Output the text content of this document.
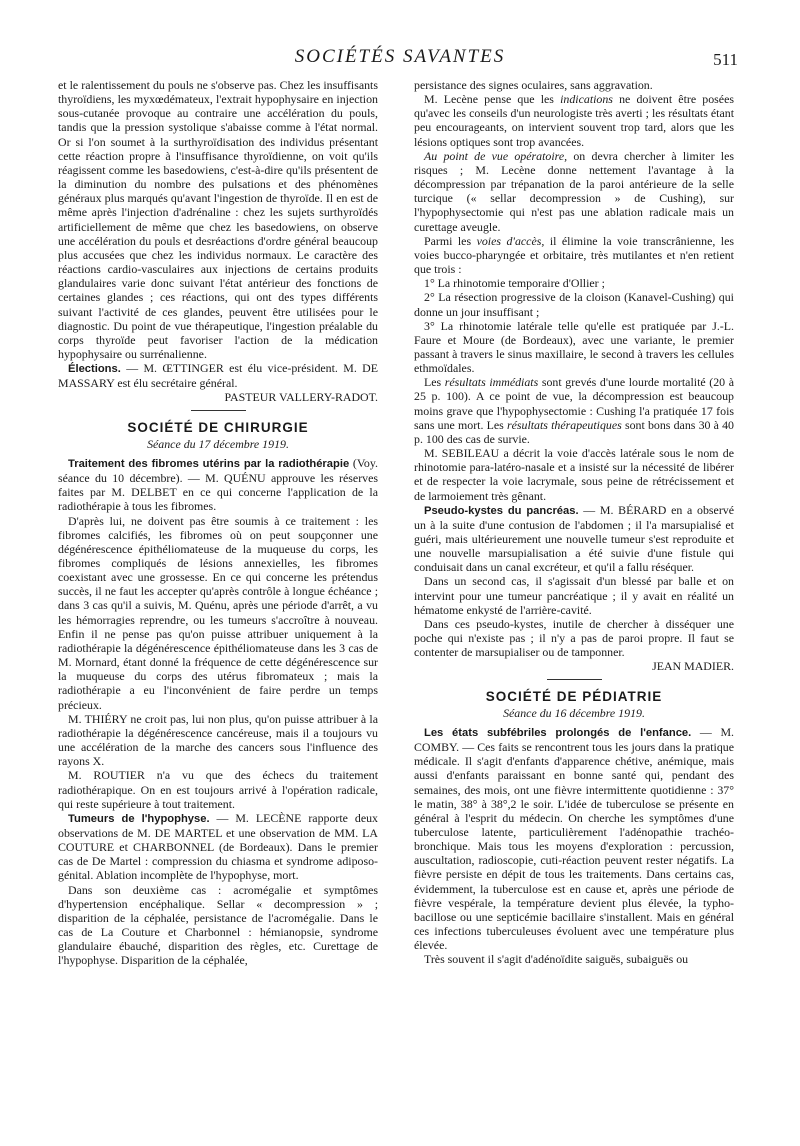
SOCIÉTÉS SAVANTES	511

et le ralentissement du pouls ne s'observe pas. Chez les insuffisants thyroïdiens, les myxœdémateux, l'extrait hypophysaire en injection sous-cutanée provoque au contraire une accélération du pouls, tandis que la pression systolique s'abaisse comme à l'état normal. Or si l'on soumet à la surthyroïdisation des individus présentant cette réaction propre à l'insuffisance thyroïdienne, on voit qu'ils réagissent comme les basedowiens, c'est-à-dire qu'ils présentent de la diminution du nombre des pulsations et des phénomènes généraux plus marqués qu'avant l'ingestion de thyroïde. Il en est de même après l'injection d'adrénaline : chez les sujets surthyroïdés artificiellement de même que chez les basedowiens, on observe une accélération du pouls et desréactions d'ordre général beaucoup plus accusées que chez les individus normaux. Le caractère des réactions cardio-vasculaires aux injections de certains produits glandulaires varie donc suivant l'état antérieur des fonctions de certaines glandes ; ces réactions, qui ont des types différents suivant l'activité de ces glandes, peuvent être utilisées pour le diagnostic. Du point de vue thérapeutique, l'ingestion préalable du corps thyroïde peut favoriser l'action de la médication hypophysaire ou surrénalienne.

Élections. — M. ŒTTINGER est élu vice-président. M. DE MASSARY est élu secrétaire général.

PASTEUR VALLERY-RADOT.

SOCIÉTÉ DE CHIRURGIE
Séance du 17 décembre 1919.

Traitement des fibromes utérins par la radiothérapie (Voy. séance du 10 décembre). — M. QUÉNU approuve les réserves faites par M. DELBET en ce qui concerne l'application de la radiothérapie à tous les fibromes.

D'après lui, ne doivent pas être soumis à ce traitement : les fibromes calcifiés, les fibromes où on peut soupçonner une dégénérescence épithéliomateuse de la muqueuse du corps, les fibromes compliqués de lésions annexielles, les fibromes coexistant avec une grossesse. En ce qui concerne les prétendus succès, il ne faut les accepter qu'après contrôle à longue échéance ; dans 3 cas qu'il a suivis, M. Quénu, après une période d'arrêt, a vu les hémorragies reprendre, ou les tumeurs s'accroître à nouveau. Enfin il ne pense pas qu'on puisse attribuer uniquement à la radiothérapie la dégénérescence épithéliomateuse dans les 3 cas de M. Mornard, étant donné la fréquence de cette dégénérescence sur la muqueuse du corps des utérus fibromateux ; mais la radiothérapie a eu l'inconvénient de faire perdre un temps précieux.

M. THIÉRY ne croit pas, lui non plus, qu'on puisse attribuer à la radiothérapie la dégénérescence cancéreuse, mais il a toujours vu une accélération de la marche des cancers sous l'influence des rayons X.

M. ROUTIER n'a vu que des échecs du traitement radiothérapique. On en est toujours arrivé à l'opération radicale, qui reste supérieure à tout traitement.

Tumeurs de l'hypophyse. — M. LECÈNE rapporte deux observations de M. DE MARTEL et une observation de MM. LA COUTURE et CHARBONNEL (de Bordeaux). Dans le premier cas de De Martel : compression du chiasma et syndrome adiposo-génital. Ablation incomplète de l'hypophyse, mort.

Dans son deuxième cas : acromégalie et symptômes d'hypertension encéphalique. Sellar « decompression » ; disparition de la céphalée, persistance de l'acromégalie. Dans le cas de La Couture et Charbonnel : hémianopsie, syndrome glandulaire ébauché, disparition des règles, etc. Curettage de l'hypophyse. Disparition de la céphalée,

persistance des signes oculaires, sans aggravation.

M. Lecène pense que les indications ne doivent être posées qu'avec les conseils d'un neurologiste très averti ; les résultats étant peu encourageants, on intervient souvent trop tard, alors que les lésions optiques sont trop avancées.

Au point de vue opératoire, on devra chercher à limiter les risques ; M. Lecène donne nettement l'avantage à la décompression par trépanation de la paroi antérieure de la selle turcique (« sellar decompression » de Cushing), sur l'hypophysectomie qui n'est pas une ablation radicale mais un curettage aveugle.

Parmi les voies d'accès, il élimine la voie transcrânienne, les voies bucco-pharyngée et orbitaire, très mutilantes et n'en retient que trois :

1° La rhinotomie temporaire d'Ollier ;

2° La résection progressive de la cloison (Kanavel-Cushing) qui donne un jour insuffisant ;

3° La rhinotomie latérale telle qu'elle est pratiquée par J.-L. Faure et Moure (de Bordeaux), avec une variante, le premier passant à travers le sinus maxillaire, le second à travers les cellules ethmoïdales.

Les résultats immédiats sont grevés d'une lourde mortalité (20 à 25 p. 100). A ce point de vue, la décompression est beaucoup moins grave que l'hypophysectomie : Cushing l'a pratiquée 17 fois sans une mort. Les résultats thérapeutiques sont bons dans 30 à 40 p. 100 des cas de survie.

M. SEBILEAU a décrit la voie d'accès latérale sous le nom de rhinotomie para-latéro-nasale et a insisté sur la nécessité de libérer et de respecter la voie lacrymale, sous peine de rétrécissement et de larmoiement très gênant.

Pseudo-kystes du pancréas. — M. BÉRARD en a observé un à la suite d'une contusion de l'abdomen ; il l'a marsupialisé et guéri, mais ultérieurement une nouvelle tumeur s'est reproduite et une nouvelle marsupialisation a été suivie d'une fistule qui conduisait dans un canal excréteur, et qu'il a fallu réséquer.

Dans un second cas, il s'agissait d'un blessé par balle et on intervint pour une tumeur pancréatique ; il y avait en réalité un hématome enkysté de l'arrière-cavité.

Dans ces pseudo-kystes, inutile de chercher à disséquer une poche qui n'existe pas ; il n'y a pas de paroi propre. Il faut se contenter de marsupialiser ou de tamponner.

JEAN MADIER.

SOCIÉTÉ DE PÉDIATRIE
Séance du 16 décembre 1919.

Les états subfébriles prolongés de l'enfance. — M. COMBY. — Ces faits se rencontrent tous les jours dans la pratique médicale. Il s'agit d'enfants d'apparence chétive, anémique, mais aussi d'enfants paraissant en bonne santé qui, pendant des semaines, des mois, ont une fièvre intermittente quotidienne : 37° le matin, 38° à 38°,2 le soir. L'idée de tuberculose se présente en général à l'esprit du médecin. On cherche les symptômes d'une tuberculose latente, particulièrement l'adénopathie trachéo-bronchique. Mais tous les moyens d'exploration : percussion, auscultation, radioscopie, cuti-réaction peuvent rester négatifs. La fièvre persiste en dépit de tous les traitements. Dans certains cas, évidemment, la tuberculose est en cause et, après une période de fièvre vespérale, la température devient plus élevée, la typho-bacillose ou une septicémie bacillaire s'installent. Mais en général ces infections tuberculeuses évoluent avec une température plus élevée.

Très souvent il s'agit d'adénoïdite saiguës, subaiguës ou
